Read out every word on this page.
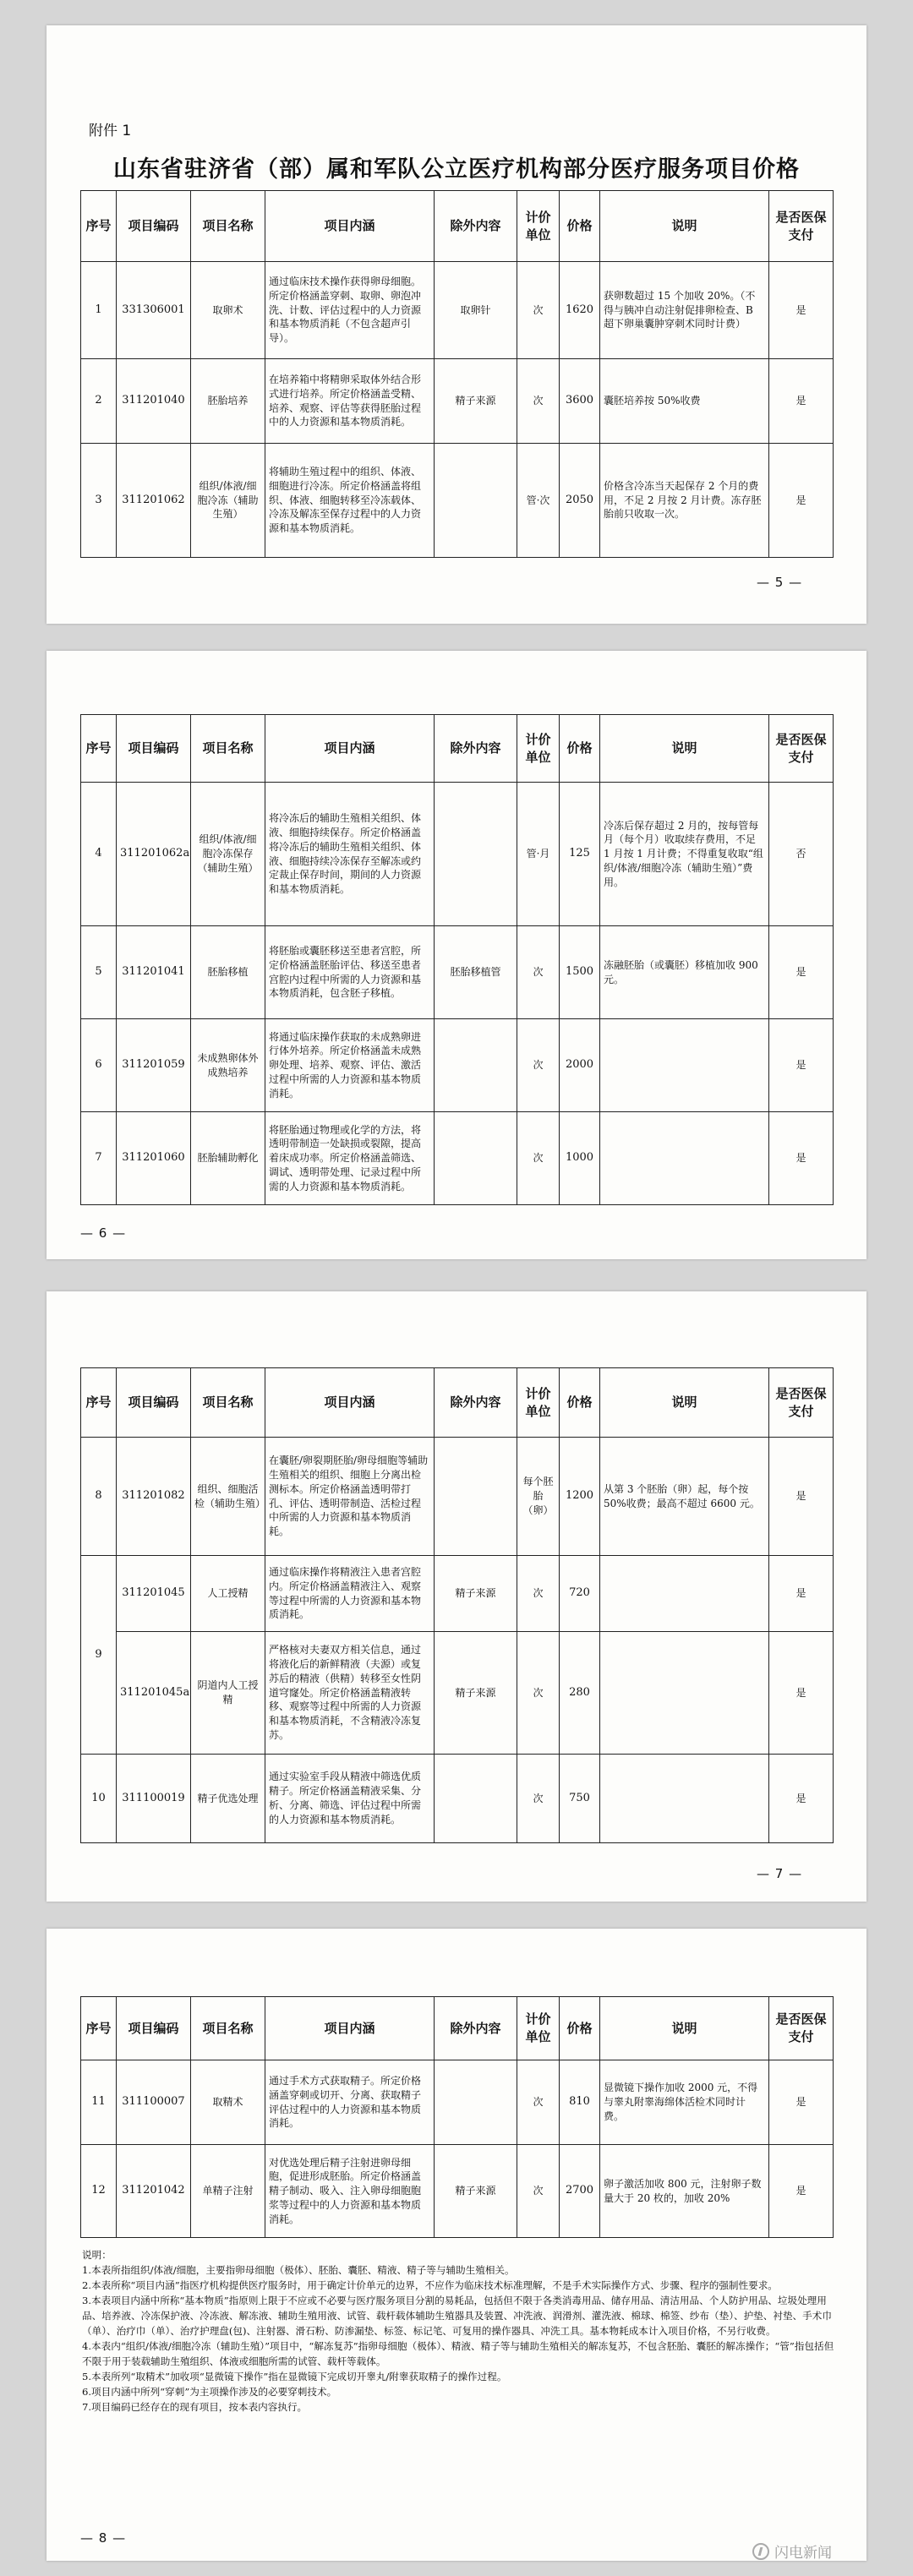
附件 1
山东省驻济省（部）属和军队公立医疗机构部分医疗服务项目价格
序号	项目编码	项目名称	项目内涵	除外内容	计价单位	价格	说明	是否医保支付
1	331306001	取卵术	通过临床技术操作获得卵母细胞。所定价格涵盖穿刺、取卵、卵泡冲洗、计数、评估过程中的人力资源和基本物质消耗（不包含超声引导）。	取卵针	次	1620	获卵数超过 15 个加收 20%。（不得与胰冲自动注射促排卵检查、B 超下卵巢囊肿穿刺术同时计费）	是
2	311201040	胚胎培养	在培养箱中将精卵采取体外结合形式进行培养。所定价格涵盖受精、培养、观察、评估等获得胚胎过程中的人力资源和基本物质消耗。	精子来源	次	3600	囊胚培养按 50%收费	是
3	311201062	组织/体液/细胞冷冻（辅助生殖）	将辅助生殖过程中的组织、体液、细胞进行冷冻。所定价格涵盖将组织、体液、细胞转移至冷冻载体、冷冻及解冻至保存过程中的人力资源和基本物质消耗。		管·次	2050	价格含冷冻当天起保存 2 个月的费用，不足 2 月按 2 月计费。冻存胚胎前只收取一次。	是
— 5 —
序号	项目编码	项目名称	项目内涵	除外内容	计价单位	价格	说明	是否医保支付
4	311201062a	组织/体液/细胞冷冻保存（辅助生殖）	将冷冻后的辅助生殖相关组织、体液、细胞持续保存。所定价格涵盖将冷冻后的辅助生殖相关组织、体液、细胞持续冷冻保存至解冻或约定裁止保存时间，期间的人力资源和基本物质消耗。		管·月	125	冷冻后保存超过 2 月的，按每管每月（每个月）收取续存费用，不足 1 月按 1 月计费；不得重复收取“组织/体液/细胞冷冻（辅助生殖）”费用。	否
5	311201041	胚胎移植	将胚胎或囊胚移送至患者宫腔，所定价格涵盖胚胎评估、移送至患者宫腔内过程中所需的人力资源和基本物质消耗，包含胚子移植。	胚胎移植管	次	1500	冻融胚胎（或囊胚）移植加收 900 元。	是
6	311201059	未成熟卵体外成熟培养	将通过临床操作获取的未成熟卵进行体外培养。所定价格涵盖未成熟卵处理、培养、观察、评估、激活过程中所需的人力资源和基本物质消耗。		次	2000		是
7	311201060	胚胎辅助孵化	将胚胎通过物理或化学的方法，将透明带制造一处缺损或裂隙，提高着床成功率。所定价格涵盖筛选、调试、透明带处理、记录过程中所需的人力资源和基本物质消耗。		次	1000		是
— 6 —
序号	项目编码	项目名称	项目内涵	除外内容	计价单位	价格	说明	是否医保支付
8	311201082	组织、细胞活检（辅助生殖）	在囊胚/卵裂期胚胎/卵母细胞等辅助生殖相关的组织、细胞上分离出检测标本。所定价格涵盖透明带打孔、评估、透明带制造、活检过程中所需的人力资源和基本物质消耗。		每个胚胎（卵）	1200	从第 3 个胚胎（卵）起，每个按 50%收费；最高不超过 6600 元。	是
9	311201045	人工授精	通过临床操作将精液注入患者宫腔内。所定价格涵盖精液注入、观察等过程中所需的人力资源和基本物质消耗。	精子来源	次	720		是
	311201045a	阴道内人工授精	严格核对夫妻双方相关信息，通过将液化后的新鲜精液（夫源）或复苏后的精液（供精）转移至女性阴道穹窿处。所定价格涵盖精液转移、观察等过程中所需的人力资源和基本物质消耗，不含精液冷冻复苏。	精子来源	次	280		是
10	311100019	精子优选处理	通过实验室手段从精液中筛选优质精子。所定价格涵盖精液采集、分析、分离、筛选、评估过程中所需的人力资源和基本物质消耗。		次	750		是
— 7 —
序号	项目编码	项目名称	项目内涵	除外内容	计价单位	价格	说明	是否医保支付
11	311100007	取精术	通过手术方式获取精子。所定价格涵盖穿刺或切开、分离、获取精子评估过程中的人力资源和基本物质消耗。		次	810	显微镜下操作加收 2000 元，不得与睾丸附睾海绵体活检术同时计费。	是
12	311201042	单精子注射	对优选处理后精子注射进卵母细胞，促进形成胚胎。所定价格涵盖精子制动、吸入、注入卵母细胞胞浆等过程中的人力资源和基本物质消耗。	精子来源	次	2700	卵子激活加收 800 元，注射卵子数量大于 20 枚的，加收 20%	是

说明：

1.本表所指组织/体液/细胞，主要指卵母细胞（极体）、胚胎、囊胚、精液、精子等与辅助生殖相关。

2.本表所称“项目内涵”指医疗机构提供医疗服务时，用于确定计价单元的边界，不应作为临床技术标准理解，不是手术实际操作方式、步骤、程序的强制性要求。

3.本表项目内涵中所称“基本物质”指原则上限于不应或不必要与医疗服务项目分割的易耗品，包括但不限于各类消毒用品、储存用品、清洁用品、个人防护用品、垃圾处理用品、培养液、冷冻保护液、冷冻液、解冻液、辅助生殖用液、试管、载杆载体辅助生殖器具及装置、冲洗液、润滑剂、灌洗液、棉球、棉签、纱布（垫）、护垫、衬垫、手术巾（单）、治疗巾（单）、治疗护理盘(包)、注射器、滑石粉、防渗漏垫、标签、标记笔、可复用的操作器具、冲洗工具。基本物耗成本计入项目价格，不另行收费。

4.本表内“组织/体液/细胞冷冻（辅助生殖）”项目中，“解冻复苏”指卵母细胞（极体）、精液、精子等与辅助生殖相关的解冻复苏，不包含胚胎、囊胚的解冻操作；“管”指包括但不限于用于装载辅助生殖组织、体液或细胞所需的试管、载杆等载体。

5.本表所列“取精术”加收项“显微镜下操作”指在显微镜下完成切开睾丸/附睾获取精子的操作过程。

6.项目内涵中所列“穿刺”为主项操作涉及的必要穿刺技术。

7.项目编码已经存在的现有项目，按本表内容执行。

— 8 —
闪电新闻
